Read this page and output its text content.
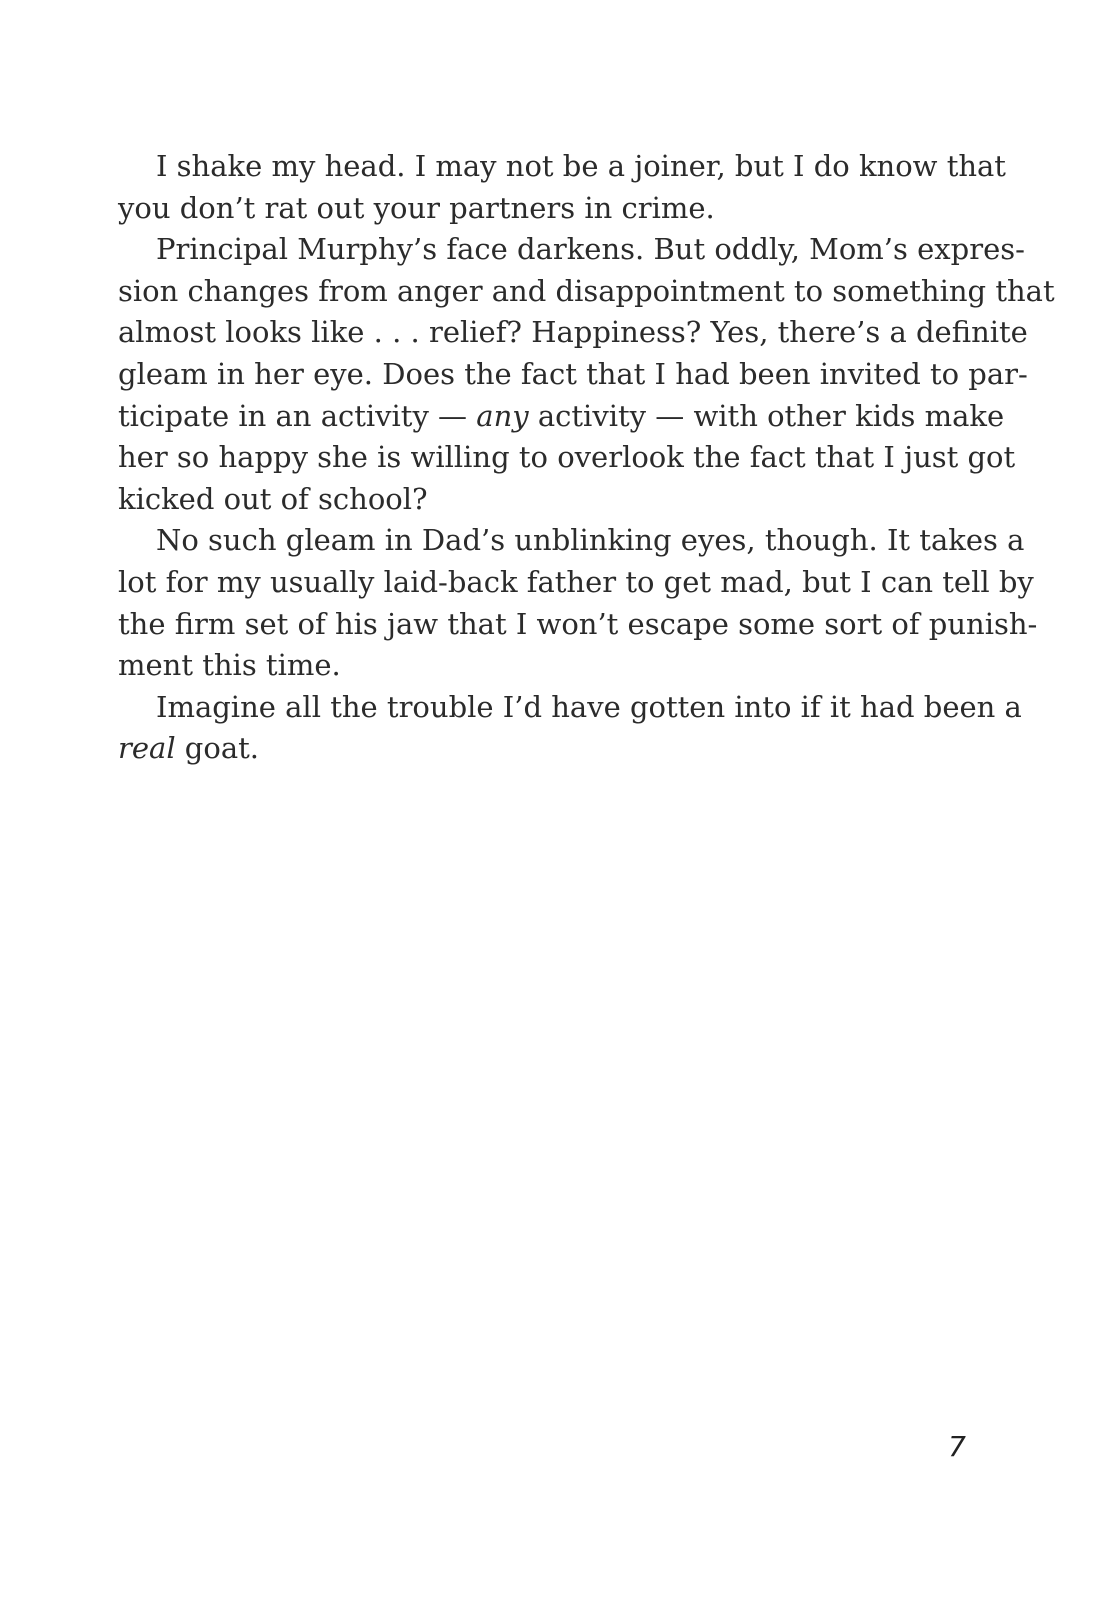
I shake my head. I may not be a joiner, but I do know that
you don’t rat out your partners in crime.
Principal Murphy’s face darkens. But oddly, Mom’s expres-
sion changes from anger and disappointment to something that
almost looks like . . . relief? Happiness? Yes, there’s a definite
gleam in her eye. Does the fact that I had been invited to par-
ticipate in an activity — any activity — with other kids make
her so happy she is willing to overlook the fact that I just got
kicked out of school?
No such gleam in Dad’s unblinking eyes, though. It takes a
lot for my usually laid-back father to get mad, but I can tell by
the firm set of his jaw that I won’t escape some sort of punish-
ment this time.
Imagine all the trouble I’d have gotten into if it had been a
real goat.
7
